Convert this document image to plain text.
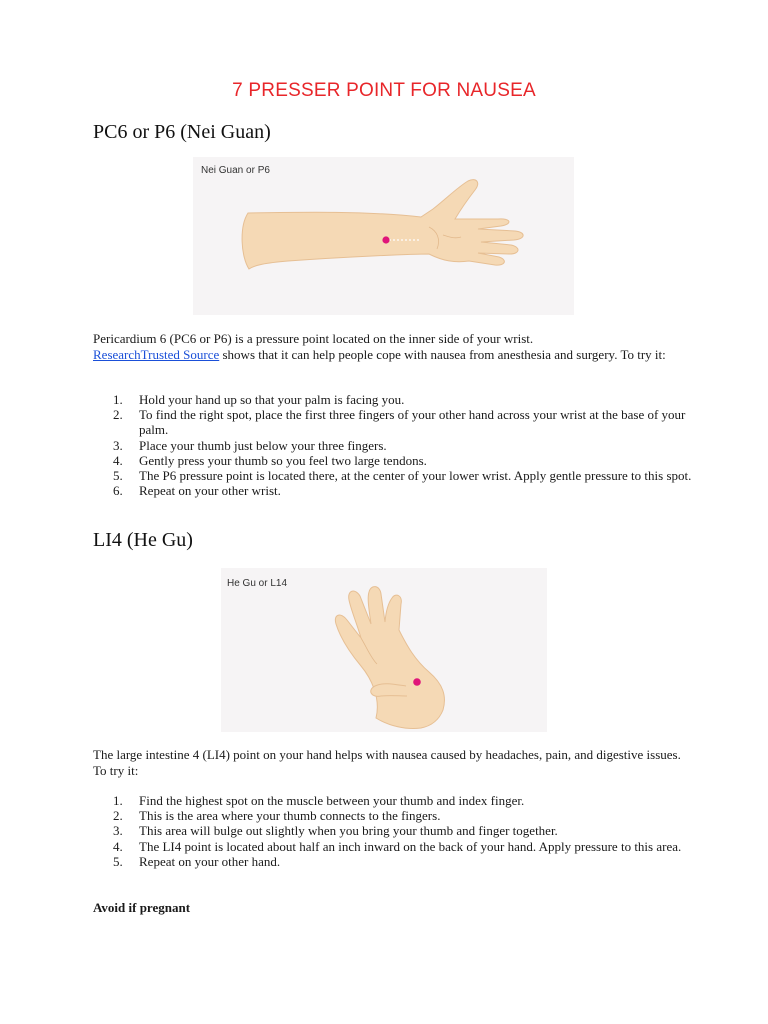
7 PRESSER POINT FOR NAUSEA
PC6 or P6 (Nei Guan)
Nei Guan or P6
Pericardium 6 (PC6 or P6) is a pressure point located on the inner side of your wrist.
ResearchTrusted Source shows that it can help people cope with nausea from anesthesia and surgery. To try it:
1. Hold your hand up so that your palm is facing you.
2. To find the right spot, place the first three fingers of your other hand across your wrist at the base of your palm.
3. Place your thumb just below your three fingers.
4. Gently press your thumb so you feel two large tendons.
5. The P6 pressure point is located there, at the center of your lower wrist. Apply gentle pressure to this spot.
6. Repeat on your other wrist.
LI4 (He Gu)
He Gu or L14
The large intestine 4 (LI4) point on your hand helps with nausea caused by headaches, pain, and digestive issues. To try it:
1. Find the highest spot on the muscle between your thumb and index finger.
2. This is the area where your thumb connects to the fingers.
3. This area will bulge out slightly when you bring your thumb and finger together.
4. The LI4 point is located about half an inch inward on the back of your hand. Apply pressure to this area.
5. Repeat on your other hand.
Avoid if pregnant
